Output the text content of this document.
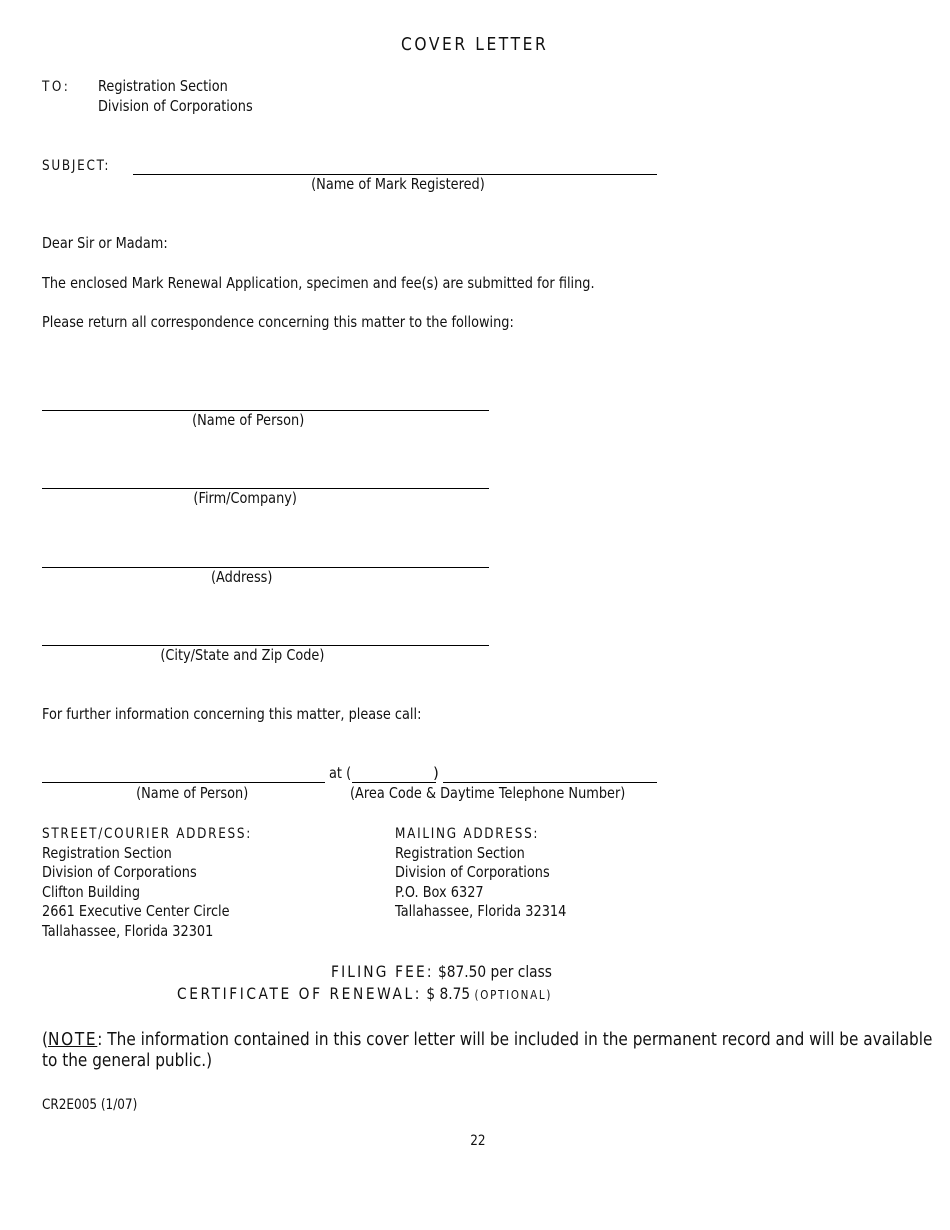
COVER LETTER
TO:	Registration Section
Division of Corporations
SUBJECT:
(Name of Mark Registered)
Dear Sir or Madam:
The enclosed Mark Renewal Application, specimen and fee(s) are submitted for filing.
Please return all correspondence concerning this matter to the following:
(Name of Person)
(Firm/Company)
(Address)
(City/State and Zip Code)
For further information concerning this matter, please call:
at (	)
(Name of Person)	(Area Code & Daytime Telephone Number)
STREET/COURIER ADDRESS:
Registration Section
Division of Corporations
Clifton Building
2661 Executive Center Circle
Tallahassee, Florida 32301
MAILING ADDRESS:
Registration Section
Division of Corporations
P.O. Box 6327
Tallahassee, Florida 32314
FILING FEE: $87.50 per class
CERTIFICATE OF RENEWAL: $ 8.75 (OPTIONAL)
(NOTE: The information contained in this cover letter will be included in the permanent record and will be available
to the general public.)
CR2E005 (1/07)
22
